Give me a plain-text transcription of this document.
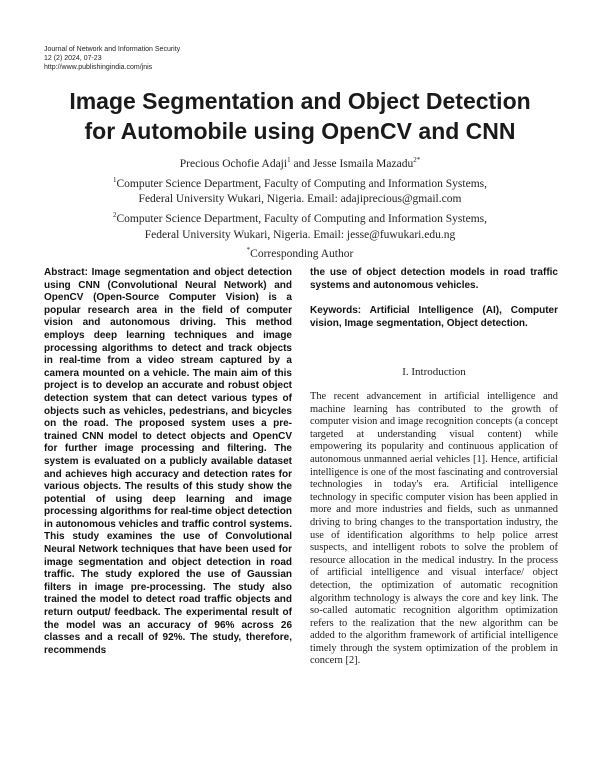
Journal of Network and Information Security
12 (2) 2024, 07-23
http://www.publishingindia.com/jnis
Image Segmentation and Object Detection
for Automobile using OpenCV and CNN
Precious Ochofie Adaji$^1$ and Jesse Ismaila Mazadu$^{2*}$
$^1$Computer Science Department, Faculty of Computing and Information Systems,
Federal University Wukari, Nigeria. Email: adajiprecious@gmail.com
$^2$Computer Science Department, Faculty of Computing and Information Systems,
Federal University Wukari, Nigeria. Email: jesse@fuwukari.edu.ng
*Corresponding Author

Abstract: Image segmentation and object detection using CNN (Convolutional Neural Network) and OpenCV (Open-Source Computer Vision) is a popular research area in the field of computer vision and autonomous driving. This method employs deep learning techniques and image processing algorithms to detect and track objects in real-time from a video stream captured by a camera mounted on a vehicle. The main aim of this project is to develop an accurate and robust object detection system that can detect various types of objects such as vehicles, pedestrians, and bicycles on the road. The proposed system uses a pre-trained CNN model to detect objects and OpenCV for further image processing and filtering. The system is evaluated on a publicly available dataset and achieves high accuracy and detection rates for various objects. The results of this study show the potential of using deep learning and image processing algorithms for real-time object detection in autonomous vehicles and traffic control systems. This study examines the use of Convolutional Neural Network techniques that have been used for image segmentation and object detection in road traffic. The study explored the use of Gaussian filters in image pre-processing. The study also trained the model to detect road traffic objects and return output/ feedback. The experimental result of the model was an accuracy of 96% across 26 classes and a recall of 92%. The study, therefore, recommends

the use of object detection models in road traffic systems and autonomous vehicles.

Keywords: Artificial Intelligence (AI), Computer vision, Image segmentation, Object detection.

I. Introduction

The recent advancement in artificial intelligence and machine learning has contributed to the growth of computer vision and image recognition concepts (a concept targeted at understanding visual content) while empowering its popularity and continuous application of autonomous unmanned aerial vehicles [1]. Hence, artificial intelligence is one of the most fascinating and controversial technologies in today's era. Artificial intelligence technology in specific computer vision has been applied in more and more industries and fields, such as unmanned driving to bring changes to the transportation industry, the use of identification algorithms to help police arrest suspects, and intelligent robots to solve the problem of resource allocation in the medical industry. In the process of artificial intelligence and visual interface/ object detection, the optimization of automatic recognition algorithm technology is always the core and key link. The so-called automatic recognition algorithm optimization refers to the realization that the new algorithm can be added to the algorithm framework of artificial intelligence timely through the system optimization of the problem in concern [2].
